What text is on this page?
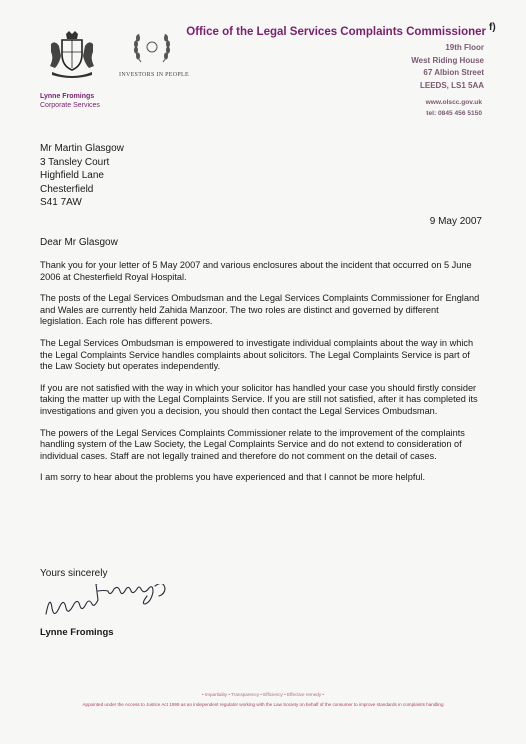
INVESTORS IN PEOPLE
f)
Office of the Legal Services Complaints Commissioner
19th Floor
West Riding House
67 Albion Street
LEEDS, LS1 5AA
www.olscc.gov.uk
tel: 0845 456 5150
Lynne Fromings
Corporate Services
Mr Martin Glasgow
3 Tansley Court
Highfield Lane
Chesterfield
S41 7AW
9 May 2007
Dear Mr Glasgow

Thank you for your letter of 5 May 2007 and various enclosures about the incident that occurred on 5 June 2006 at Chesterfield Royal Hospital.

The posts of the Legal Services Ombudsman and the Legal Services Complaints Commissioner for England and Wales are currently held Zahida Manzoor. The two roles are distinct and governed by different legislation. Each role has different powers.

The Legal Services Ombudsman is empowered to investigate individual complaints about the way in which the Legal Complaints Service handles complaints about solicitors. The Legal Complaints Service is part of the Law Society but operates independently.

If you are not satisfied with the way in which your solicitor has handled your case you should firstly consider taking the matter up with the Legal Complaints Service. If you are still not satisfied, after it has completed its investigations and given you a decision, you should then contact the Legal Services Ombudsman.

The powers of the Legal Services Complaints Commissioner relate to the improvement of the complaints handling system of the Law Society, the Legal Complaints Service and do not extend to consideration of individual cases. Staff are not legally trained and therefore do not comment on the detail of cases.

I am sorry to hear about the problems you have experienced and that I cannot be more helpful.

Yours sincerely
Lynne Fromings
• Impartiality • Transparency • Efficiency • Effective remedy •
Appointed under the Access to Justice Act 1999 as an independent regulator working with the Law Society on behalf of the consumer to improve standards in complaints handling
